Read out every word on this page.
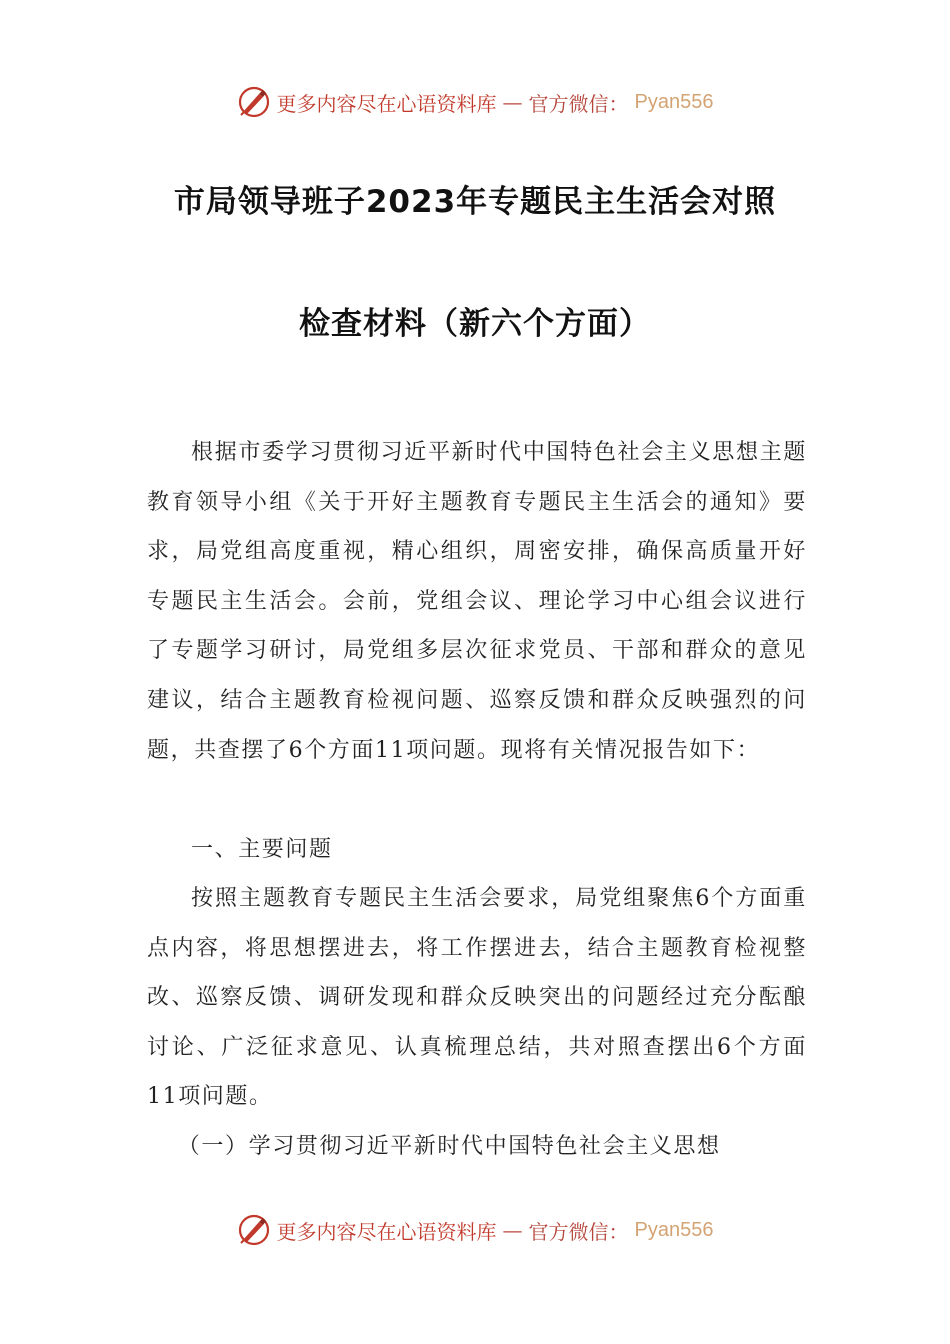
更多内容尽在心语资料库 — 官方微信： Pyan556
市局领导班子2023年专题民主生活会对照
检查材料（新六个方面）

根据市委学习贯彻习近平新时代中国特色社会主义思想主题教育领导小组《关于开好主题教育专题民主生活会的通知》要求，局党组高度重视，精心组织，周密安排，确保高质量开好专题民主生活会。会前，党组会议、理论学习中心组会议进行了专题学习研讨，局党组多层次征求党员、干部和群众的意见建议，结合主题教育检视问题、巡察反馈和群众反映强烈的问题，共查摆了6个方面11项问题。现将有关情况报告如下：

一、主要问题

按照主题教育专题民主生活会要求，局党组聚焦6个方面重点内容，将思想摆进去，将工作摆进去，结合主题教育检视整改、巡察反馈、调研发现和群众反映突出的问题经过充分酝酿讨论、广泛征求意见、认真梳理总结，共对照查摆出6个方面11项问题。

（一）学习贯彻习近平新时代中国特色社会主义思想

更多内容尽在心语资料库 — 官方微信： Pyan556
